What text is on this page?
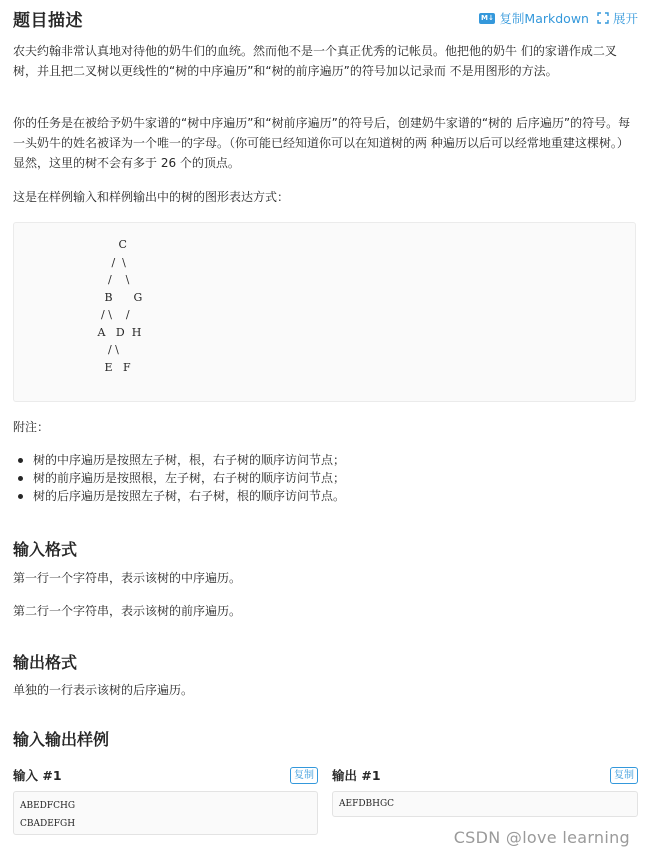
题目描述	M↓ 复制Markdown 展开
农夫约翰非常认真地对待他的奶牛们的血统。然而他不是一个真正优秀的记帐员。他把他的奶牛 们的家谱作成二叉树，并且把二叉树以更线性的“树的中序遍历”和“树的前序遍历”的符号加以记录而 不是用图形的方法。
你的任务是在被给予奶牛家谱的“树中序遍历”和“树前序遍历”的符号后，创建奶牛家谱的“树的 后序遍历”的符号。每一头奶牛的姓名被译为一个唯一的字母。（你可能已经知道你可以在知道树的两 种遍历以后可以经常地重建这棵树。）显然，这里的树不会有多于 26 个的顶点。
这是在样例输入和样例输出中的树的图形表达方式：
C
/  \
/    \
B      G
/ \    /
A   D  H
/ \
E   F
附注：
树的中序遍历是按照左子树，根，右子树的顺序访问节点；
树的前序遍历是按照根，左子树，右子树的顺序访问节点；
树的后序遍历是按照左子树，右子树，根的顺序访问节点。
输入格式
第一行一个字符串，表示该树的中序遍历。
第二行一个字符串，表示该树的前序遍历。
输出格式
单独的一行表示该树的后序遍历。
输入输出样例
输入 #1	复制
ABEDFCHG
CBADEFGH
输出 #1	复制
AEFDBHGC
CSDN @love learning
